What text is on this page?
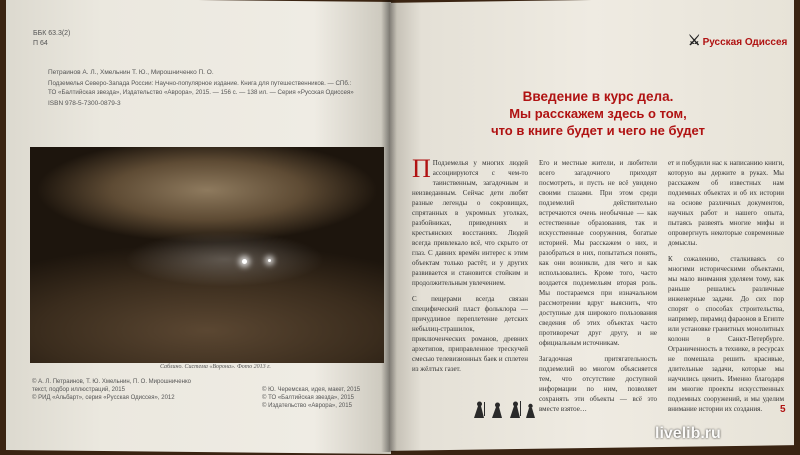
ББК 63.3(2)
П 64
Петраинов А. Л., Хмельнин Т. Ю., Мирошниченко П. О.
Подземелья Северо-Запада России: Научно-популярное издание. Книга для путешественников. — СПб.:
ТО «Балтийская звезда», Издательство «Аврора», 2015. — 156 с. — 138 ил. — Серия «Русская Одиссея»
ISBN 978-5-7300-0879-3
Саблино. Система «Ворона». Фото 2013 г.
© А. Л. Петраинов, Т. Ю. Хмельнин, П. О. Мирошниченко
текст, подбор иллюстраций, 2015
© РИД «Альбарт», серия «Русская Одиссея», 2012
© Ю. Черемская, идея, макет, 2015
© ТО «Балтийская звезда», 2015
© Издательство «Аврора», 2015
⚔ Русская Одиссея
Введение в курс дела.
Мы расскажем здесь о том,
что в книге будет и чего не будет
П Подземелья у многих людей ассоциируются с чем-то таинственным, загадочным и неизведанным. Сейчас дети любят разные легенды о сокровищах, спрятанных в укромных уголках, разбойниках, приведениях и крестьянских восстаниях. Людей всегда привлекало всё, что скрыто от глаз. С давних времён интерес к этим объектам только растёт, и у других развивается и становится стойким и продолжительным увлечением.
С пещерами всегда связан специфический пласт фольклора — причудливое переплетение детских небылиц-страшилок, приключенческих романов, древних архетипов, приправленное трескучей смесью телевизионных баек и сплетен из жёлтых газет.
Его и местные жители, и любители всего загадочного приходят посмотреть, и пусть не всё увидено своими глазами. При этом среди подземелий действительно встречаются очень необычные — как естественные образования, так и искусственные сооружения, богатые историей. Мы расскажем о них, и разобраться в них, попытаться понять, как они возникли, для чего и как использовались. Кроме того, часто воздается подземельям вторая роль. Мы постараемся при изначальном рассмотрении вдруг выяснить, что доступные для широкого пользования сведения об этих объектах часто противоречат друг другу, и не официальным источникам.
Загадочная притягательность подземелий во многом объясняется тем, что отсутствие доступной информации по ним, позволяет сохранять эти объекты — всё это вместе взятое…
ет и побудили нас к написанию книги, которую вы держите в руках. Мы расскажем об известных нам подземных объектах и об их истории на основе различных документов, научных работ и нашего опыта, пытаясь развеять многие мифы и опровергнуть некоторые современные домыслы.
К сожалению, сталкиваясь со многими историческими объектами, мы мало внимания уделяем тому, как раньше решались различные инженерные задачи. До сих пор спорят о способах строительства, например, пирамид фараонов в Египте или установке гранитных монолитных колонн в Санкт-Петербурге. Ограниченность в технике, в ресурсах не помешала решить красивые, длительные задачи, которые мы научились ценить. Именно благодаря им многие проекты искусственных подземных сооружений, и мы уделим внимание истории их создания.	5
livelib.ru
